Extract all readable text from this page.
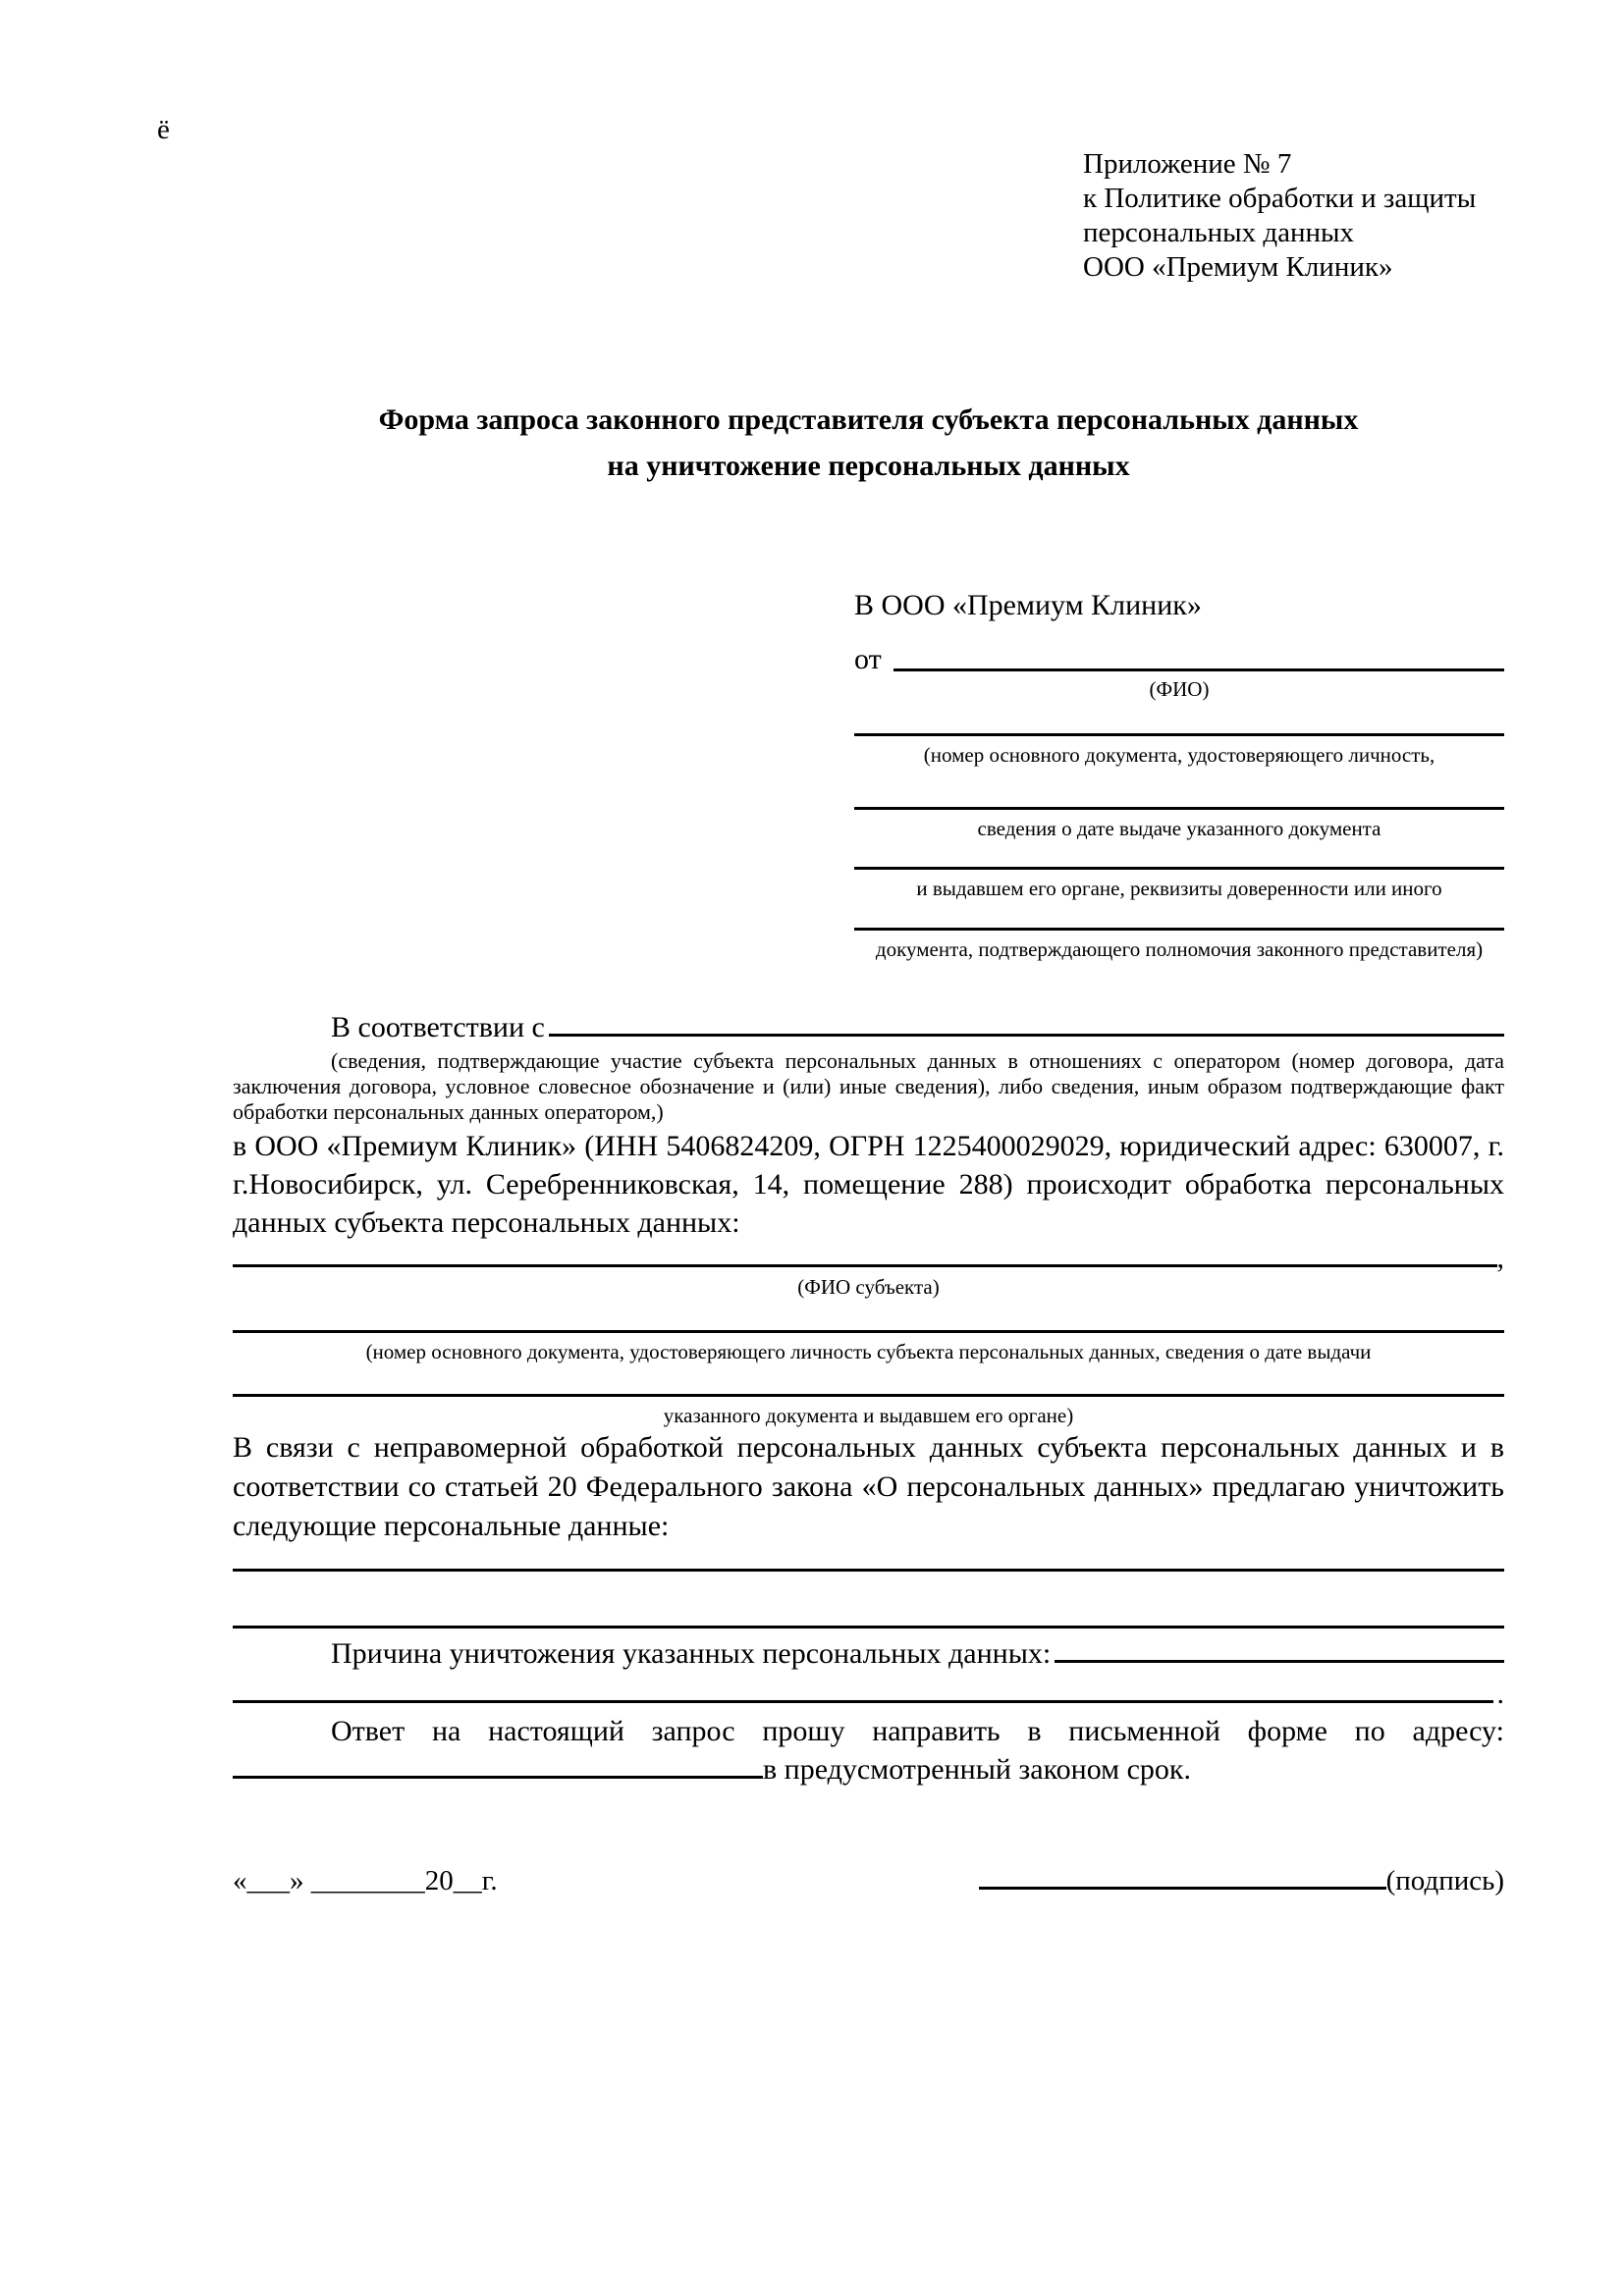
ё
Приложение № 7
к Политике обработки и защиты
персональных данных
ООО «Премиум Клиник»
Форма запроса законного представителя субъекта персональных данных
на уничтожение персональных данных
В ООО «Премиум Клиник»
от
(ФИО)
(номер основного документа, удостоверяющего личность,
сведения о дате выдаче указанного документа
и выдавшем его органе, реквизиты доверенности или иного
документа, подтверждающего полномочия законного представителя)
В соответствии с
(сведения, подтверждающие участие субъекта персональных данных в отношениях с оператором (номер договора, дата заключения договора, условное словесное обозначение и (или) иные сведения), либо сведения, иным образом подтверждающие факт обработки персональных данных оператором,)
в ООО «Премиум Клиник» (ИНН 5406824209, ОГРН 1225400029029, юридический адрес: 630007, г. г.Новосибирск, ул. Серебренниковская, 14, помещение 288) происходит обработка персональных данных субъекта персональных данных:
,
(ФИО субъекта)
(номер основного документа, удостоверяющего личность субъекта персональных данных, сведения о дате выдачи
указанного документа и выдавшем его органе)
В связи с неправомерной обработкой персональных данных субъекта персональных данных и в соответствии со статьей 20 Федерального закона «О персональных данных» предлагаю уничтожить следующие персональные данные:
Причина уничтожения указанных персональных данных:
.
Ответ на настоящий запрос прошу направить в письменной форме по адресу:
в предусмотренный законом срок.
«___» ________20__г.	(подпись)
